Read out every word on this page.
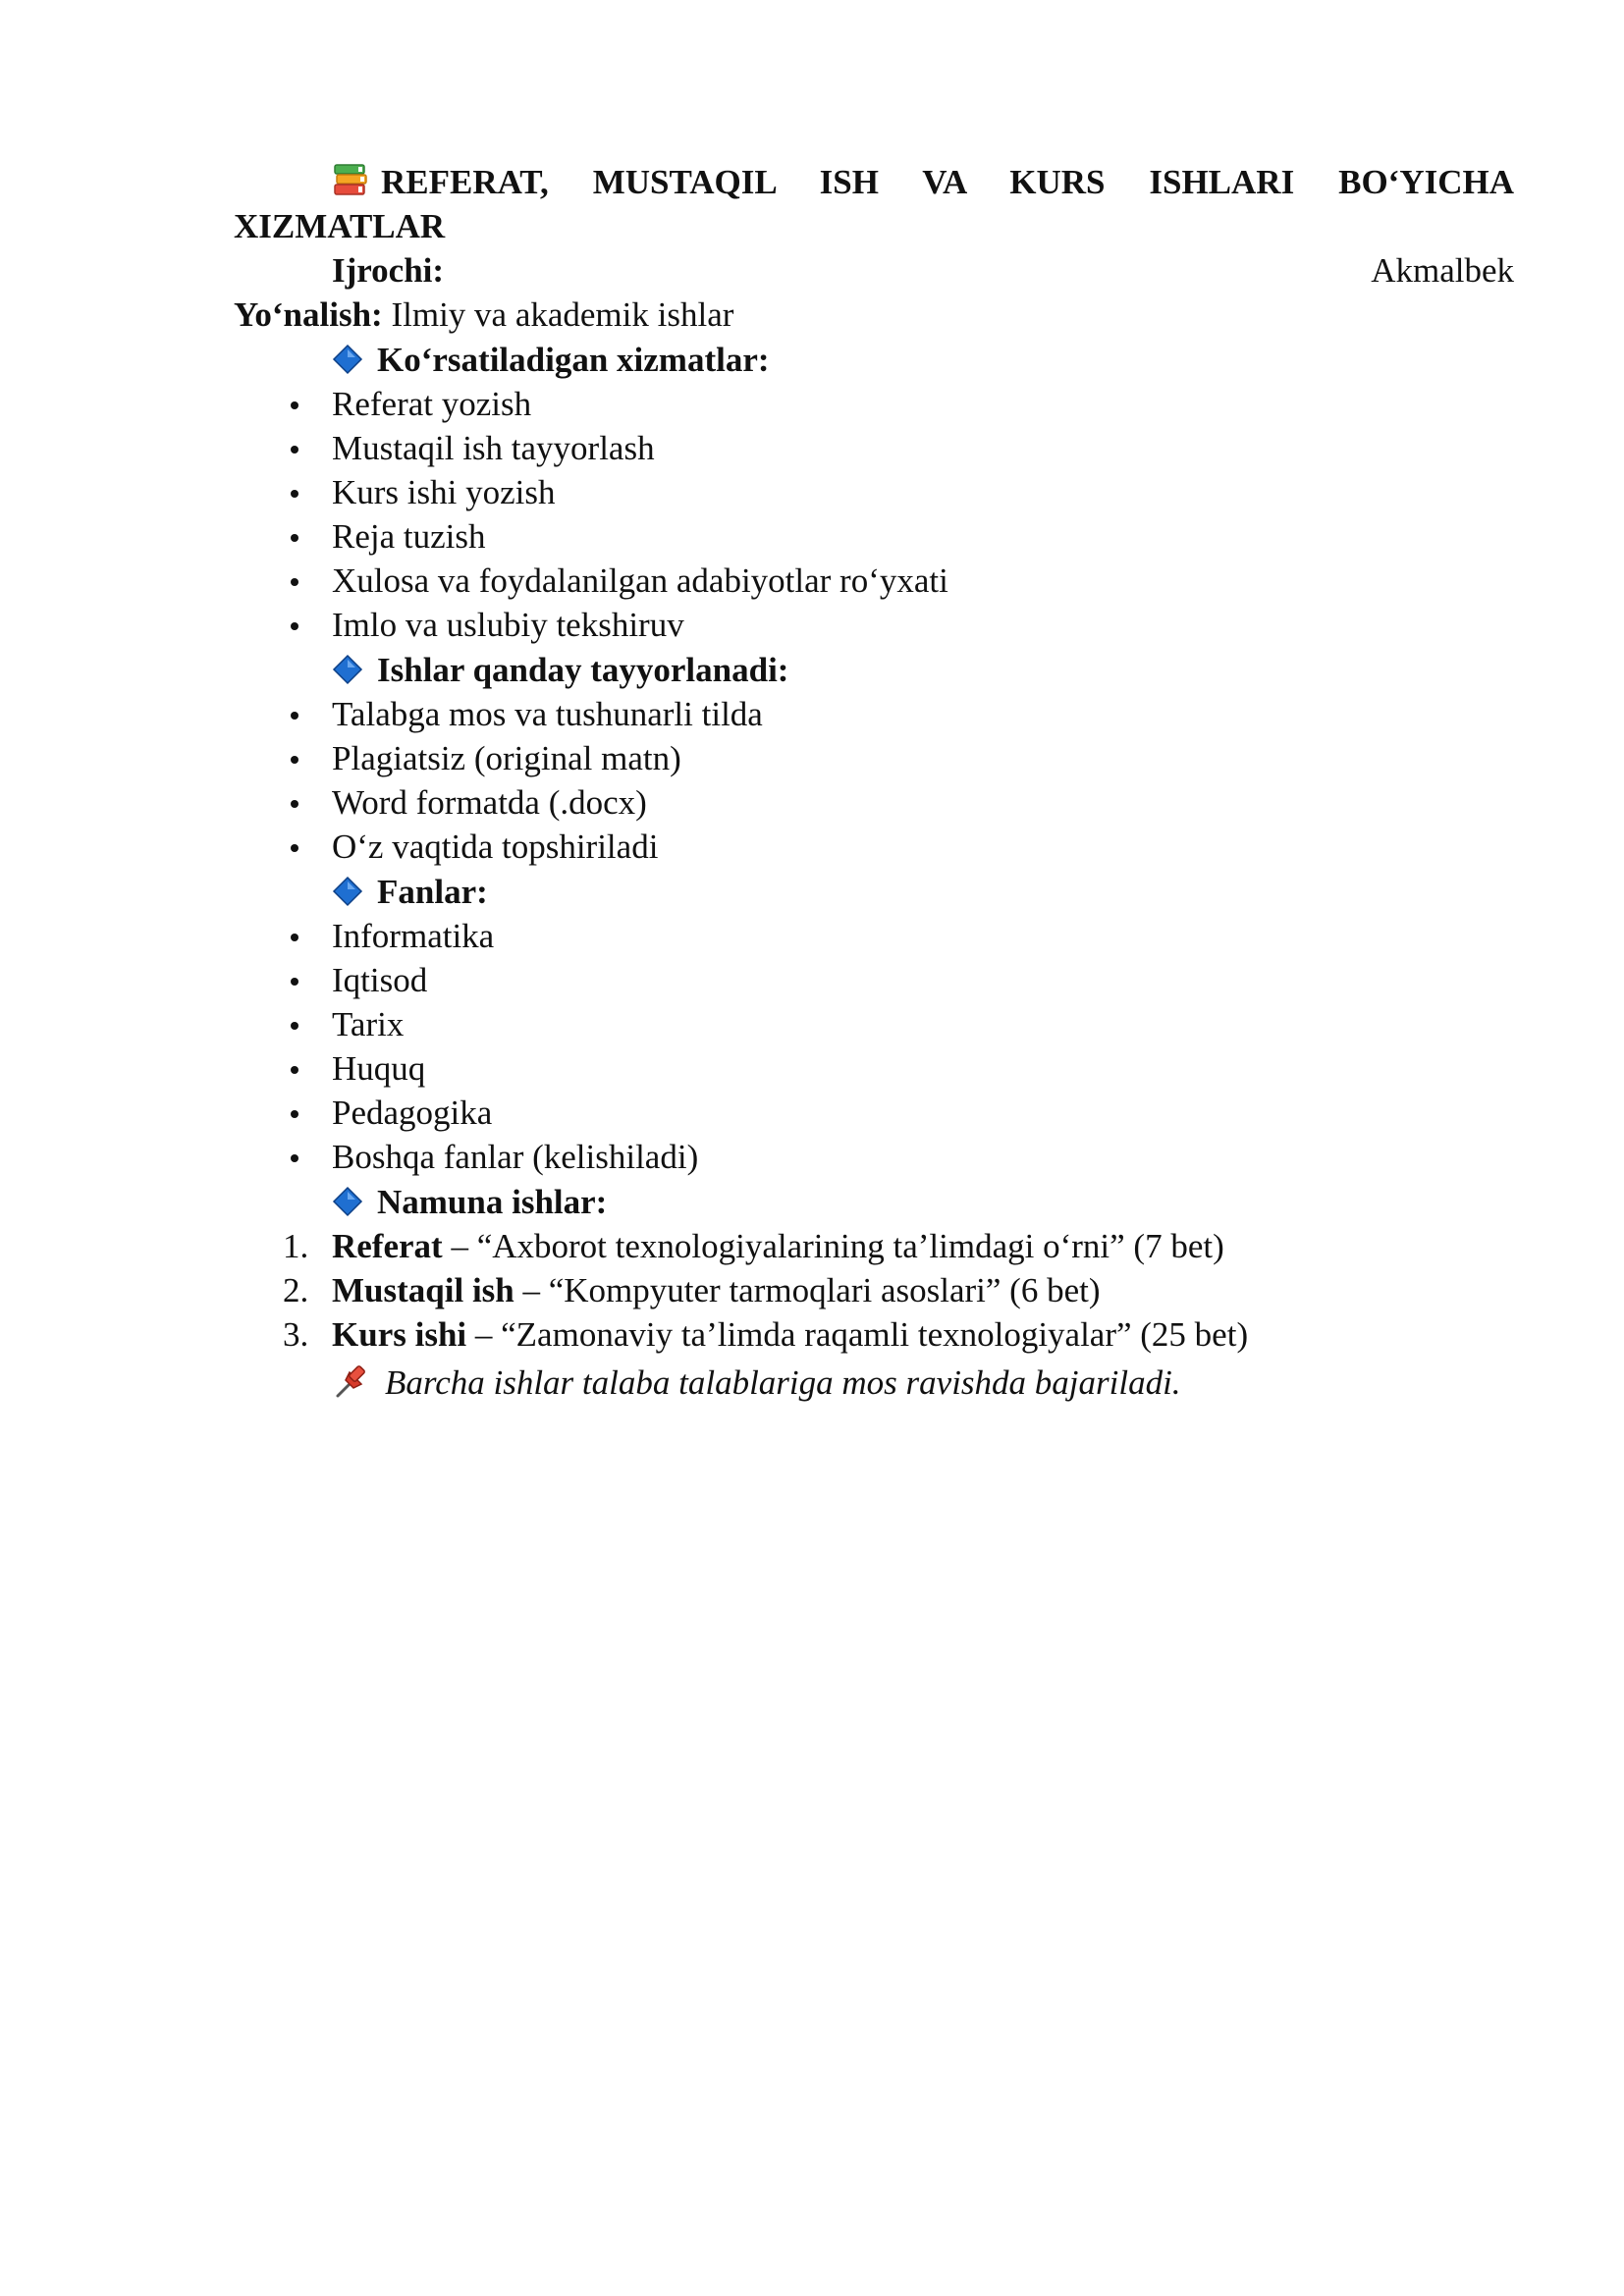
REFERAT, MUSTAQIL ISH VA KURS ISHLARI BO‘YICHA
XIZMATLAR
Ijrochi:	Akmalbek
Yo‘nalish: Ilmiy va akademik ishlar
Ko‘rsatiladigan xizmatlar:
Referat yozish
Mustaqil ish tayyorlash
Kurs ishi yozish
Reja tuzish
Xulosa va foydalanilgan adabiyotlar ro‘yxati
Imlo va uslubiy tekshiruv
Ishlar qanday tayyorlanadi:
Talabga mos va tushunarli tilda
Plagiatsiz (original matn)
Word formatda (.docx)
O‘z vaqtida topshiriladi
Fanlar:
Informatika
Iqtisod
Tarix
Huquq
Pedagogika
Boshqa fanlar (kelishiladi)
Namuna ishlar:
1. Referat – “Axborot texnologiyalarining ta’limdagi o‘rni” (7 bet)
2. Mustaqil ish – “Kompyuter tarmoqlari asoslari” (6 bet)
3. Kurs ishi – “Zamonaviy ta’limda raqamli texnologiyalar” (25 bet)
Barcha ishlar talaba talablariga mos ravishda bajariladi.
